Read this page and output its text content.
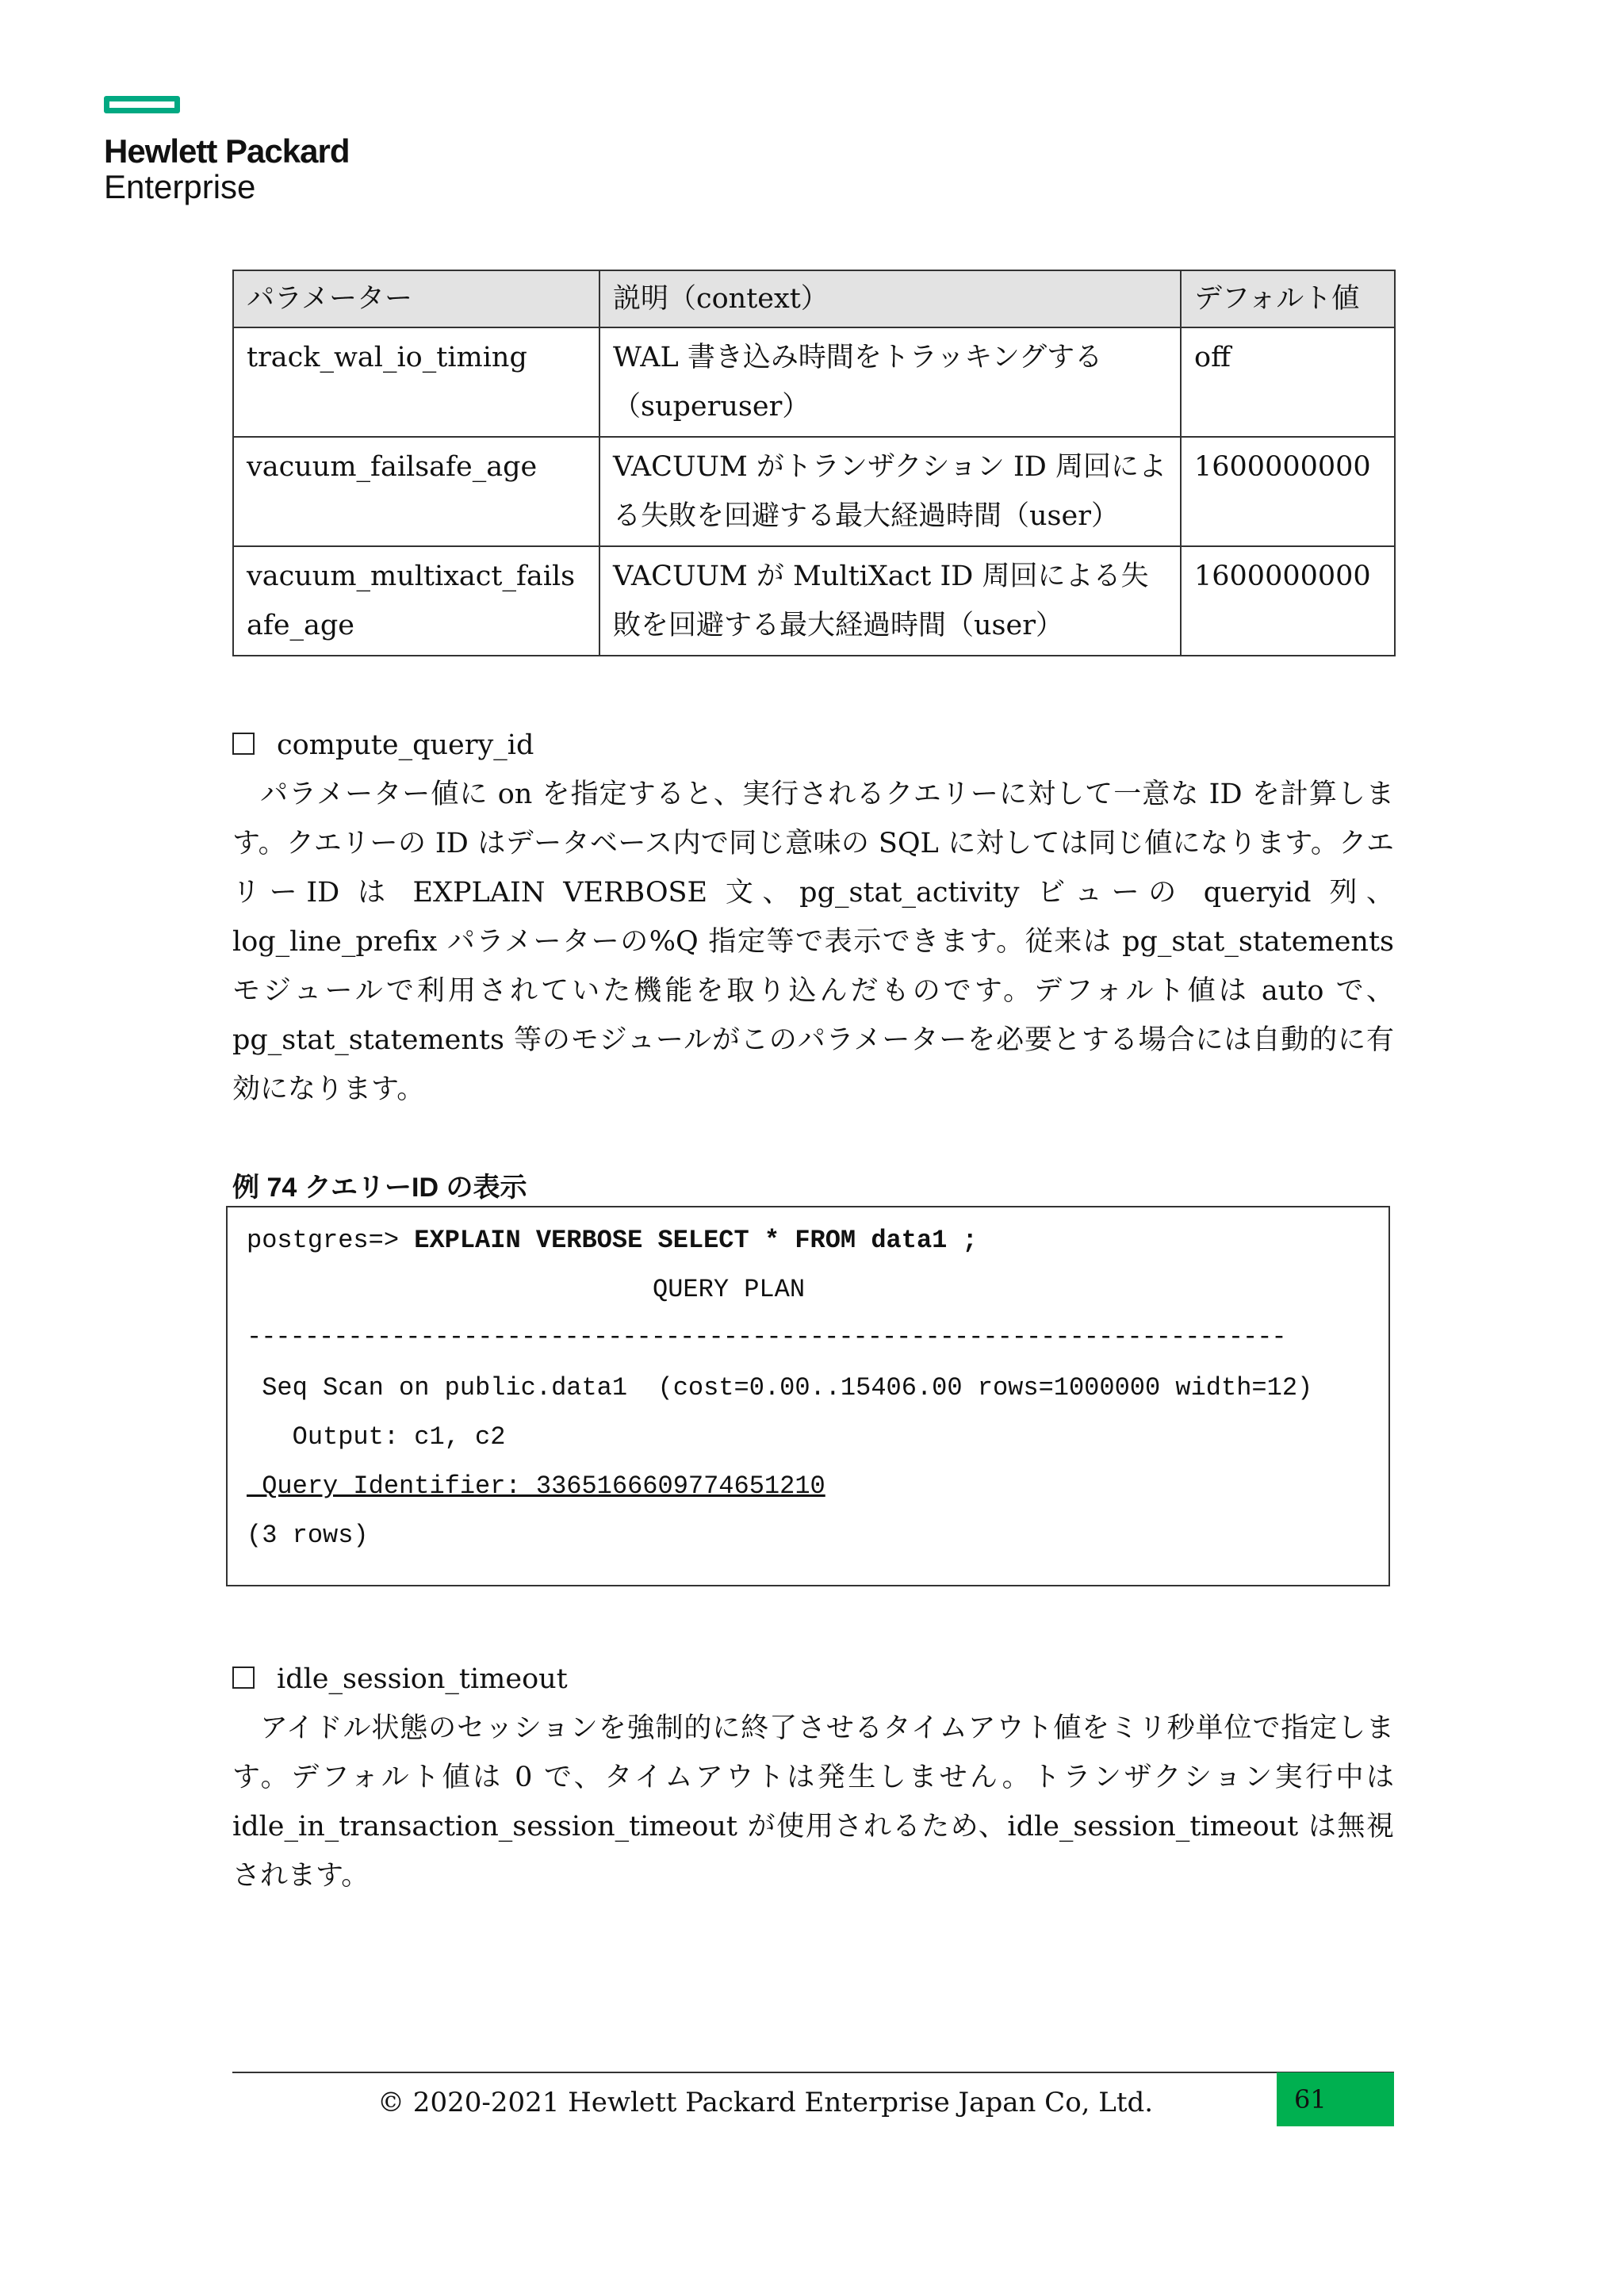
Hewlett Packard
Enterprise
パラメーター	説明（context）	デフォルト値
track_wal_io_timing	WAL 書き込み時間をトラッキングする（superuser）	off
vacuum_failsafe_age	VACUUM がトランザクション ID 周回による失敗を回避する最大経過時間（user）	1600000000
vacuum_multixact_failsafe_age	VACUUM が MultiXact ID 周回による失敗を回避する最大経過時間（user）	1600000000
compute_query_id
パラメーター値に on を指定すると、実行されるクエリーに対して一意な ID を計算します。クエリーの ID はデータベース内で同じ意味の SQL に対しては同じ値になります。クエリーID は EXPLAIN VERBOSE 文、pg_stat_activity ビューの queryid 列、log_line_prefix パラメーターの%Q 指定等で表示できます。従来は pg_stat_statements モジュールで利用されていた機能を取り込んだものです。デフォルト値は auto で、pg_stat_statements 等のモジュールがこのパラメーターを必要とする場合には自動的に有効になります。
例 74 クエリーID の表示
postgres=> EXPLAIN VERBOSE SELECT * FROM data1 ;
QUERY PLAN
------------------------------------------------------------------------
Seq Scan on public.data1  (cost=0.00..15406.00 rows=1000000 width=12)
Output: c1, c2
Query Identifier: 3365166609774651210
(3 rows)
idle_session_timeout
アイドル状態のセッションを強制的に終了させるタイムアウト値をミリ秒単位で指定します。デフォルト値は 0 で、タイムアウトは発生しません。トランザクション実行中は idle_in_transaction_session_timeout が使用されるため、idle_session_timeout は無視されます。
© 2020-2021 Hewlett Packard Enterprise Japan Co, Ltd.	61
